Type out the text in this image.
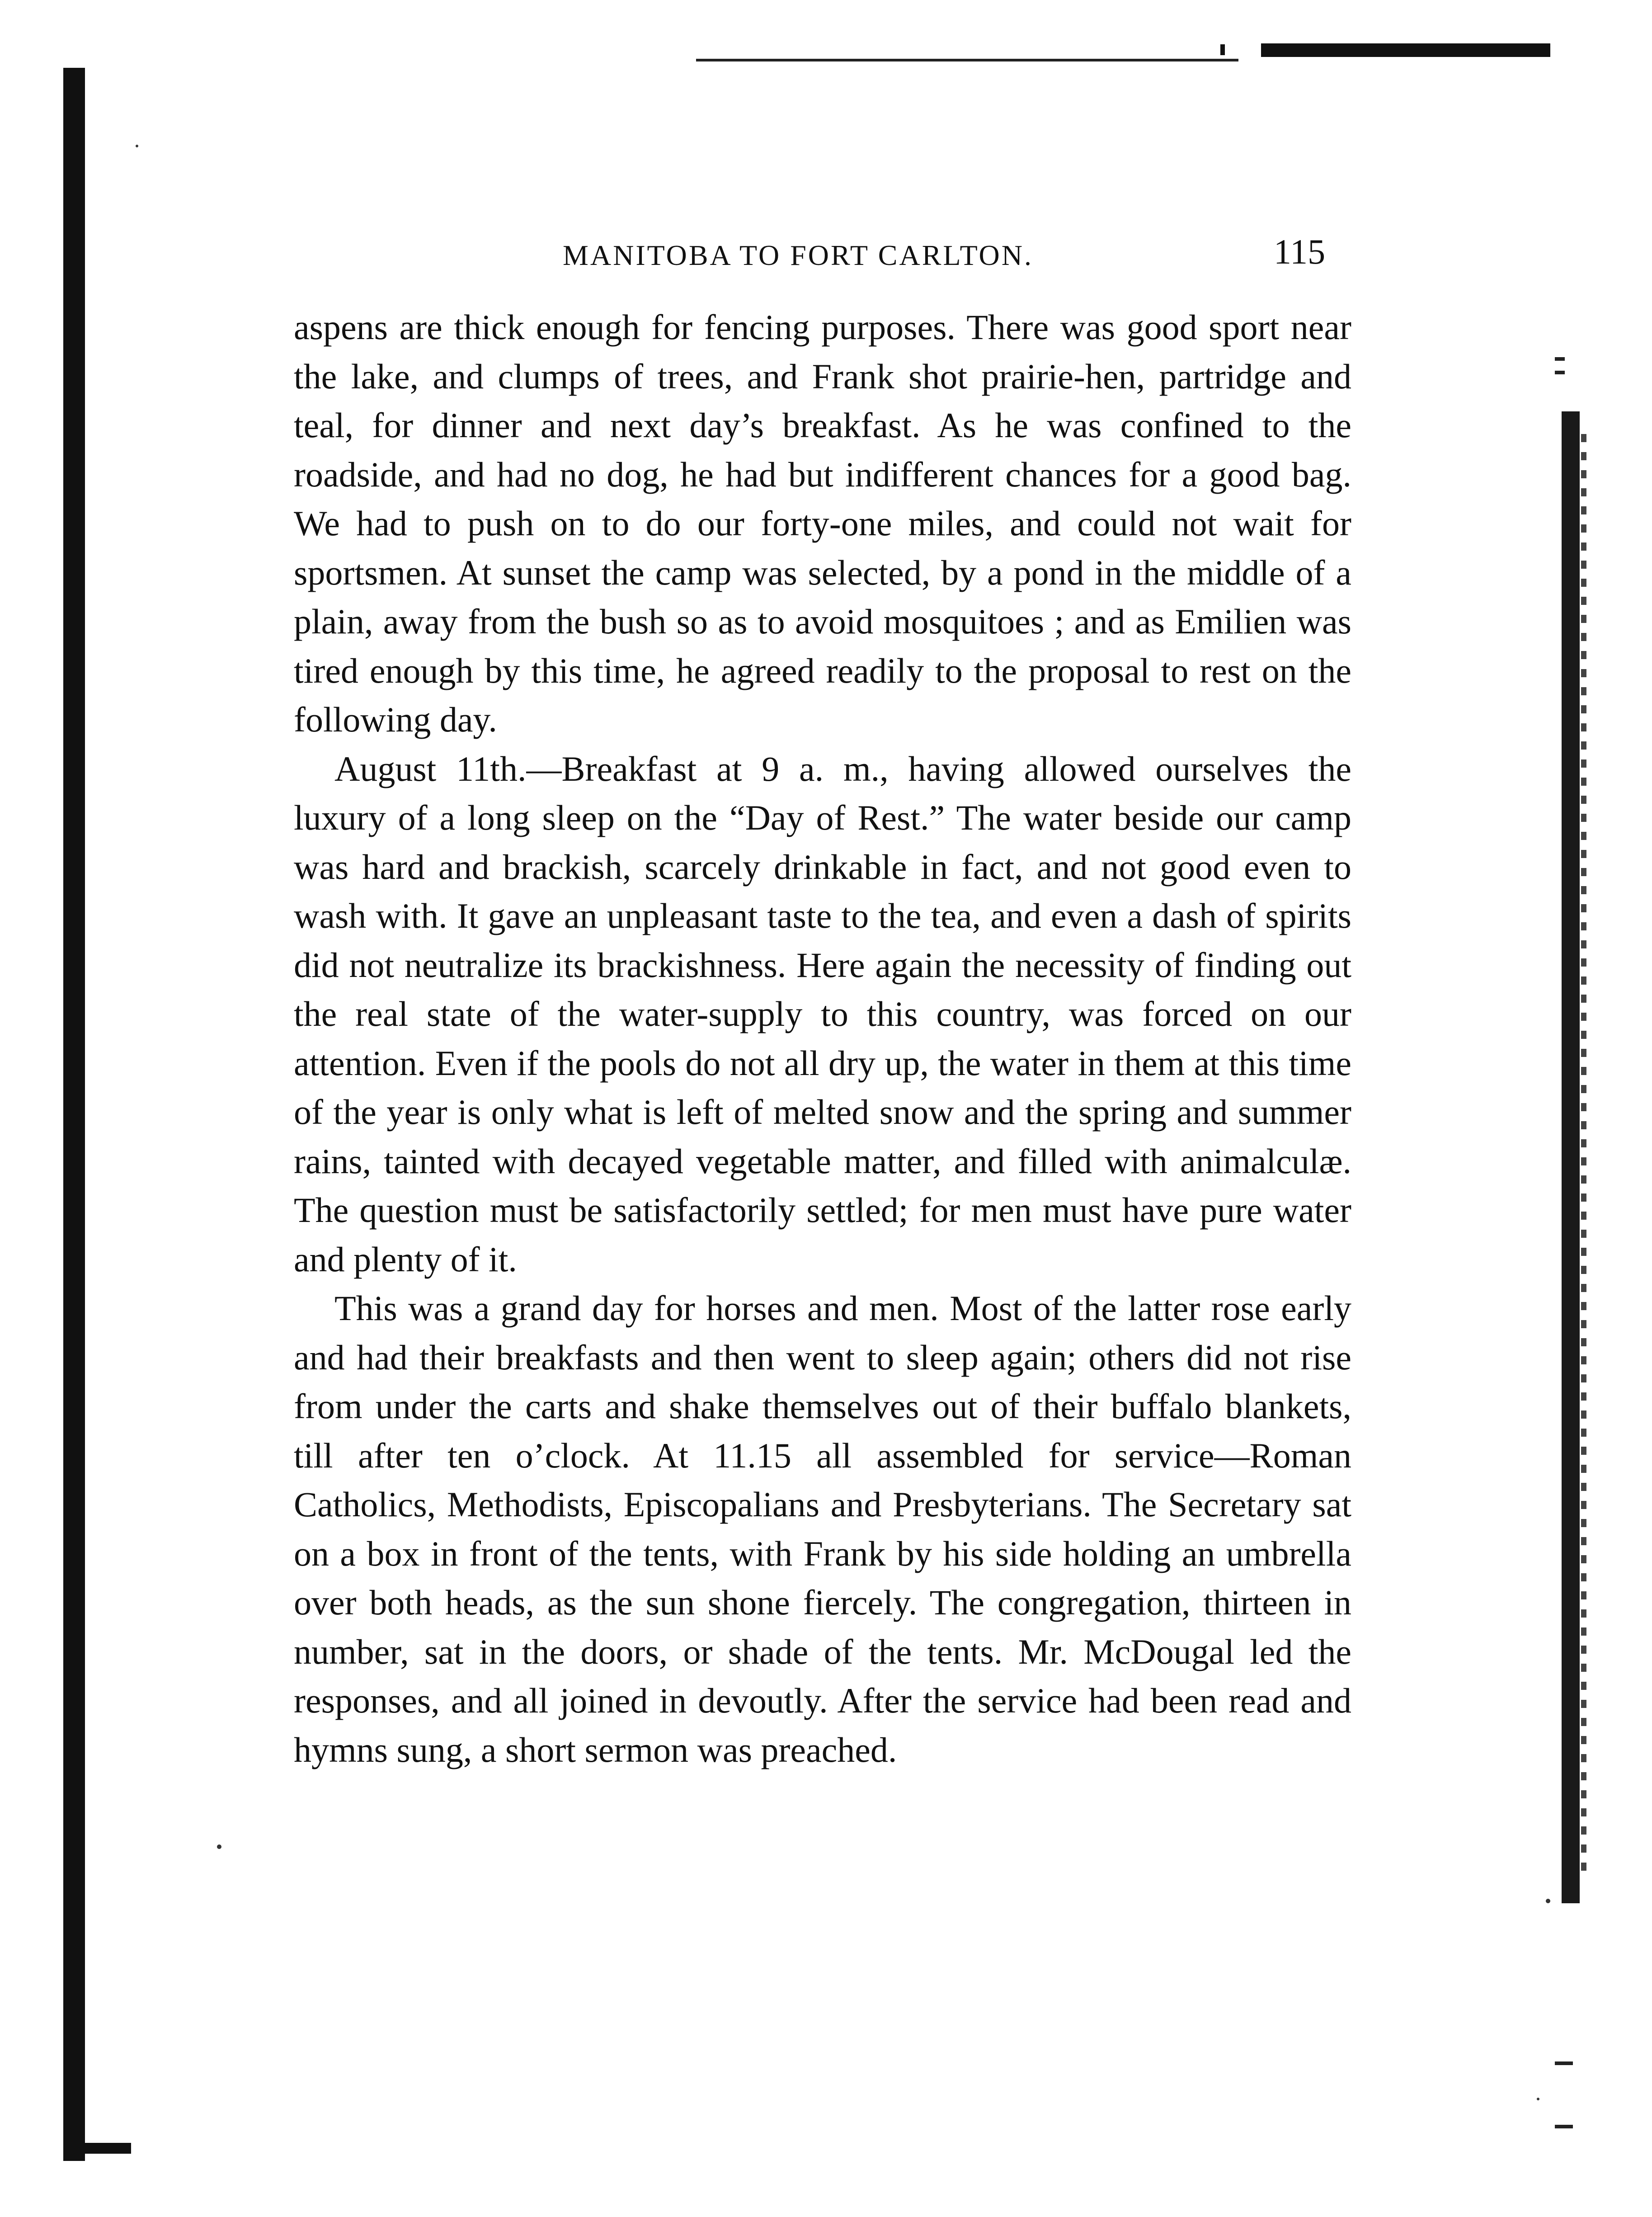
MANITOBA TO FORT CARLTON.	115

aspens are thick enough for fencing purposes. There was good sport near the lake, and clumps of trees, and Frank shot prairie-hen, partridge and teal, for dinner and next day’s breakfast. As he was confined to the roadside, and had no dog, he had but indifferent chances for a good bag. We had to push on to do our forty-one miles, and could not wait for sportsmen. At sunset the camp was selected, by a pond in the middle of a plain, away from the bush so as to avoid mosquitoes ; and as Emilien was tired enough by this time, he agreed readily to the proposal to rest on the following day.

August 11th.—Breakfast at 9 a. m., having allowed ourselves the luxury of a long sleep on the “Day of Rest.” The water beside our camp was hard and brackish, scarcely drinkable in fact, and not good even to wash with. It gave an unpleasant taste to the tea, and even a dash of spirits did not neutralize its brackishness. Here again the necessity of finding out the real state of the water-supply to this country, was forced on our attention. Even if the pools do not all dry up, the water in them at this time of the year is only what is left of melted snow and the spring and summer rains, tainted with decayed vegetable matter, and filled with animalculæ. The question must be satisfactorily settled; for men must have pure water and plenty of it.

This was a grand day for horses and men. Most of the latter rose early and had their breakfasts and then went to sleep again; others did not rise from under the carts and shake themselves out of their buffalo blankets, till after ten o’clock. At 11.15 all assembled for service—Roman Catholics, Methodists, Episcopalians and Presbyterians. The Secretary sat on a box in front of the tents, with Frank by his side holding an umbrella over both heads, as the sun shone fiercely. The congregation, thirteen in number, sat in the doors, or shade of the tents. Mr. McDougal led the responses, and all joined in devoutly. After the service had been read and hymns sung, a short sermon was preached.
